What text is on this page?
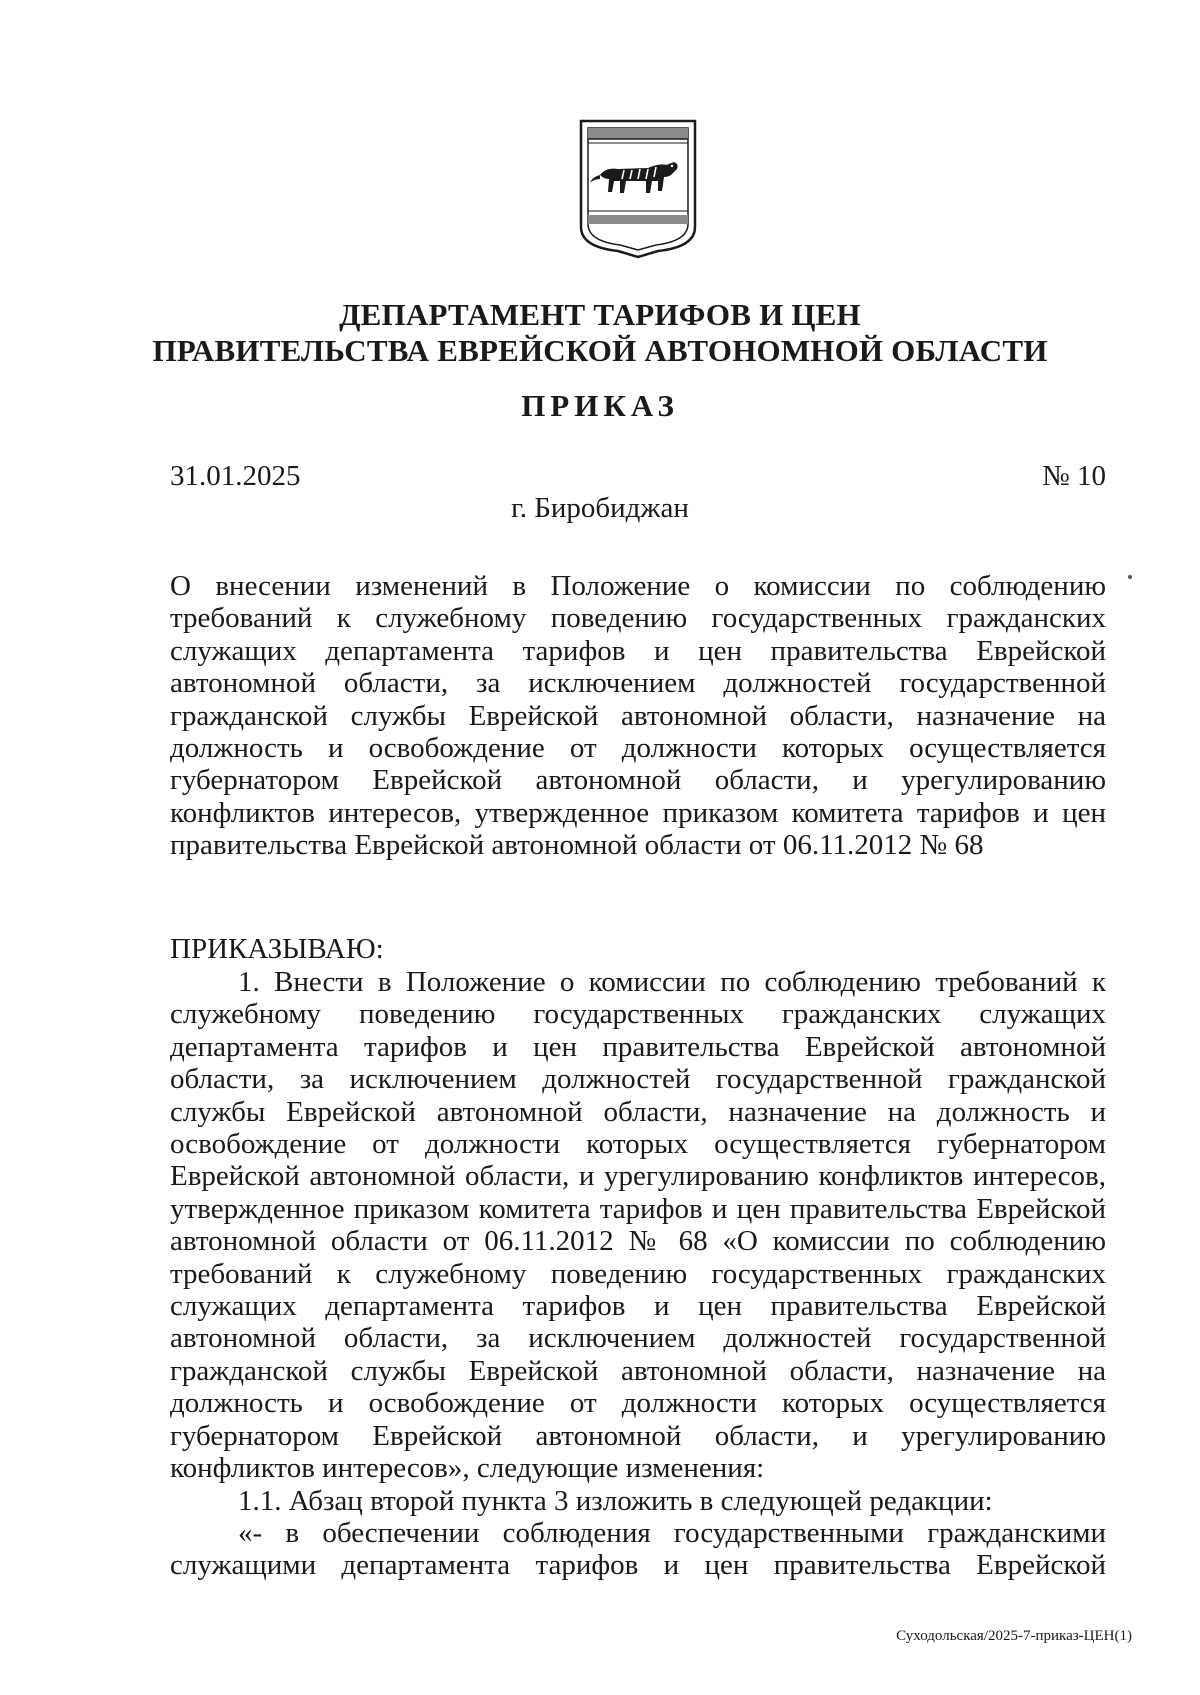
ДЕПАРТАМЕНТ ТАРИФОВ И ЦЕН
ПРАВИТЕЛЬСТВА ЕВРЕЙСКОЙ АВТОНОМНОЙ ОБЛАСТИ
ПРИКАЗ
31.01.2025	№ 10
г. Биробиджан
О внесении изменений в Положение о комиссии по соблюдению требований к служебному поведению государственных гражданских служащих департамента тарифов и цен правительства Еврейской автономной области, за исключением должностей государственной гражданской службы Еврейской автономной области, назначение на должность и освобождение от должности которых осуществляется губернатором Еврейской автономной области, и урегулированию конфликтов интересов, утвержденное приказом комитета тарифов и цен правительства Еврейской автономной области от 06.11.2012 № 68
ПРИКАЗЫВАЮ:

1. Внести в Положение о комиссии по соблюдению требований к служебному поведению государственных гражданских служащих департамента тарифов и цен правительства Еврейской автономной области, за исключением должностей государственной гражданской службы Еврейской автономной области, назначение на должность и освобождение от должности которых осуществляется губернатором Еврейской автономной области, и урегулированию конфликтов интересов, утвержденное приказом комитета тарифов и цен правительства Еврейской автономной области от 06.11.2012 № 68 «О комиссии по соблюдению требований к служебному поведению государственных гражданских служащих департамента тарифов и цен правительства Еврейской автономной области, за исключением должностей государственной гражданской службы Еврейской автономной области, назначение на должность и освобождение от должности которых осуществляется губернатором Еврейской автономной области, и урегулированию конфликтов интересов», следующие изменения:

1.1. Абзац второй пункта 3 изложить в следующей редакции:

«- в обеспечении соблюдения государственными гражданскими служащими департамента тарифов и цен правительства Еврейской

Суходольская/2025-7-приказ-ЦЕН(1)
